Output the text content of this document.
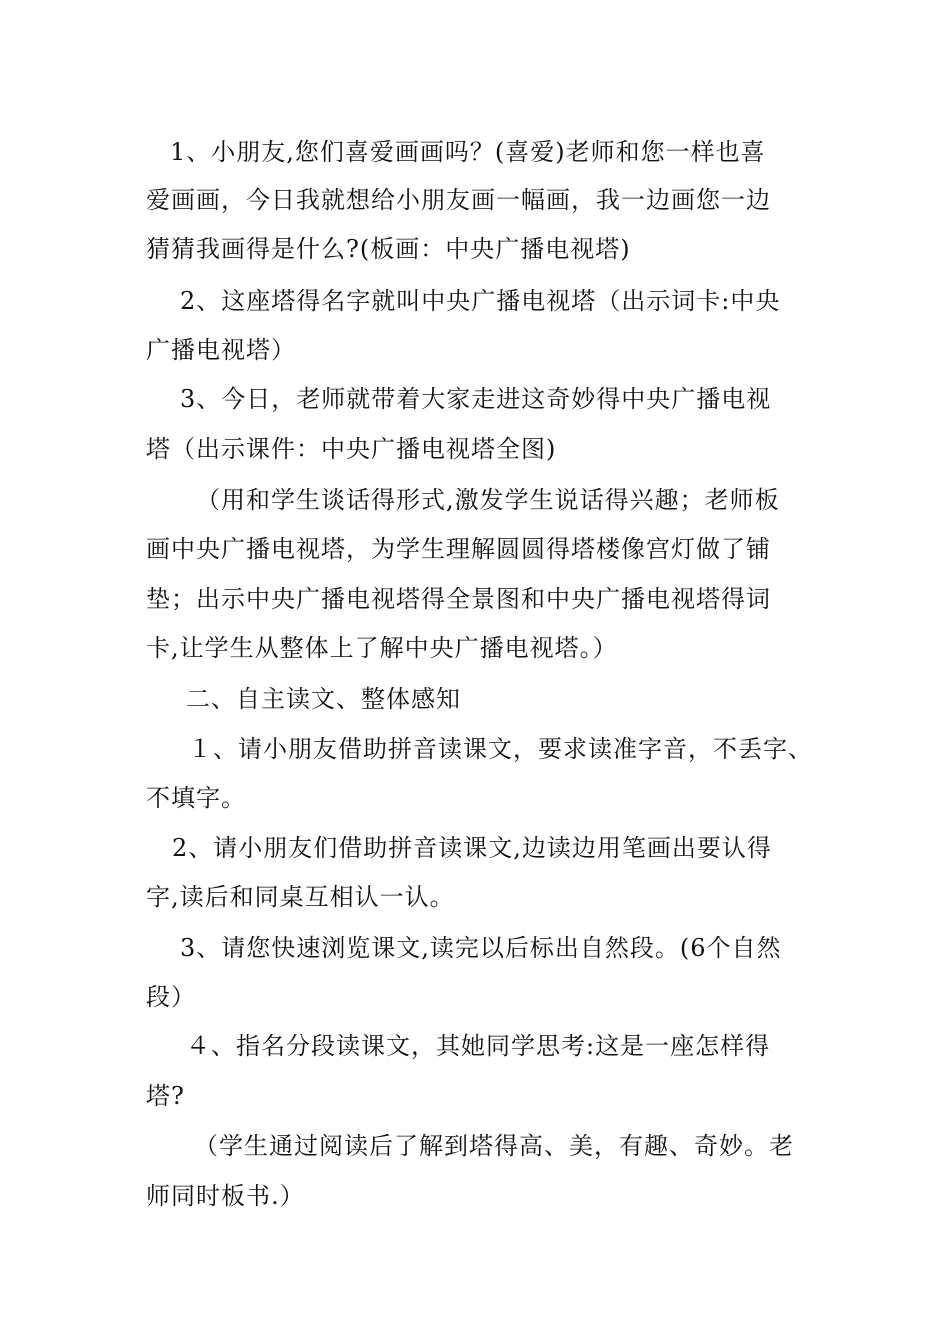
1、小朋友,您们喜爱画画吗？(喜爱)老师和您一样也喜
爱画画，今日我就想给小朋友画一幅画，我一边画您一边
猜猜我画得是什么?(板画：中央广播电视塔)
2、这座塔得名字就叫中央广播电视塔（出示词卡:中央
广播电视塔）
3、今日，老师就带着大家走进这奇妙得中央广播电视
塔（出示课件：中央广播电视塔全图)
（用和学生谈话得形式,激发学生说话得兴趣；老师板
画中央广播电视塔，为学生理解圆圆得塔楼像宫灯做了铺
垫；出示中央广播电视塔得全景图和中央广播电视塔得词
卡,让学生从整体上了解中央广播电视塔。）
二、自主读文、整体感知
１、请小朋友借助拼音读课文，要求读准字音，不丢字、
不填字。
2、请小朋友们借助拼音读课文,边读边用笔画出要认得
字,读后和同桌互相认一认。
3、请您快速浏览课文,读完以后标出自然段。(6个自然
段）
４、指名分段读课文，其她同学思考:这是一座怎样得
塔?
（学生通过阅读后了解到塔得高、美，有趣、奇妙。老
师同时板书.）
